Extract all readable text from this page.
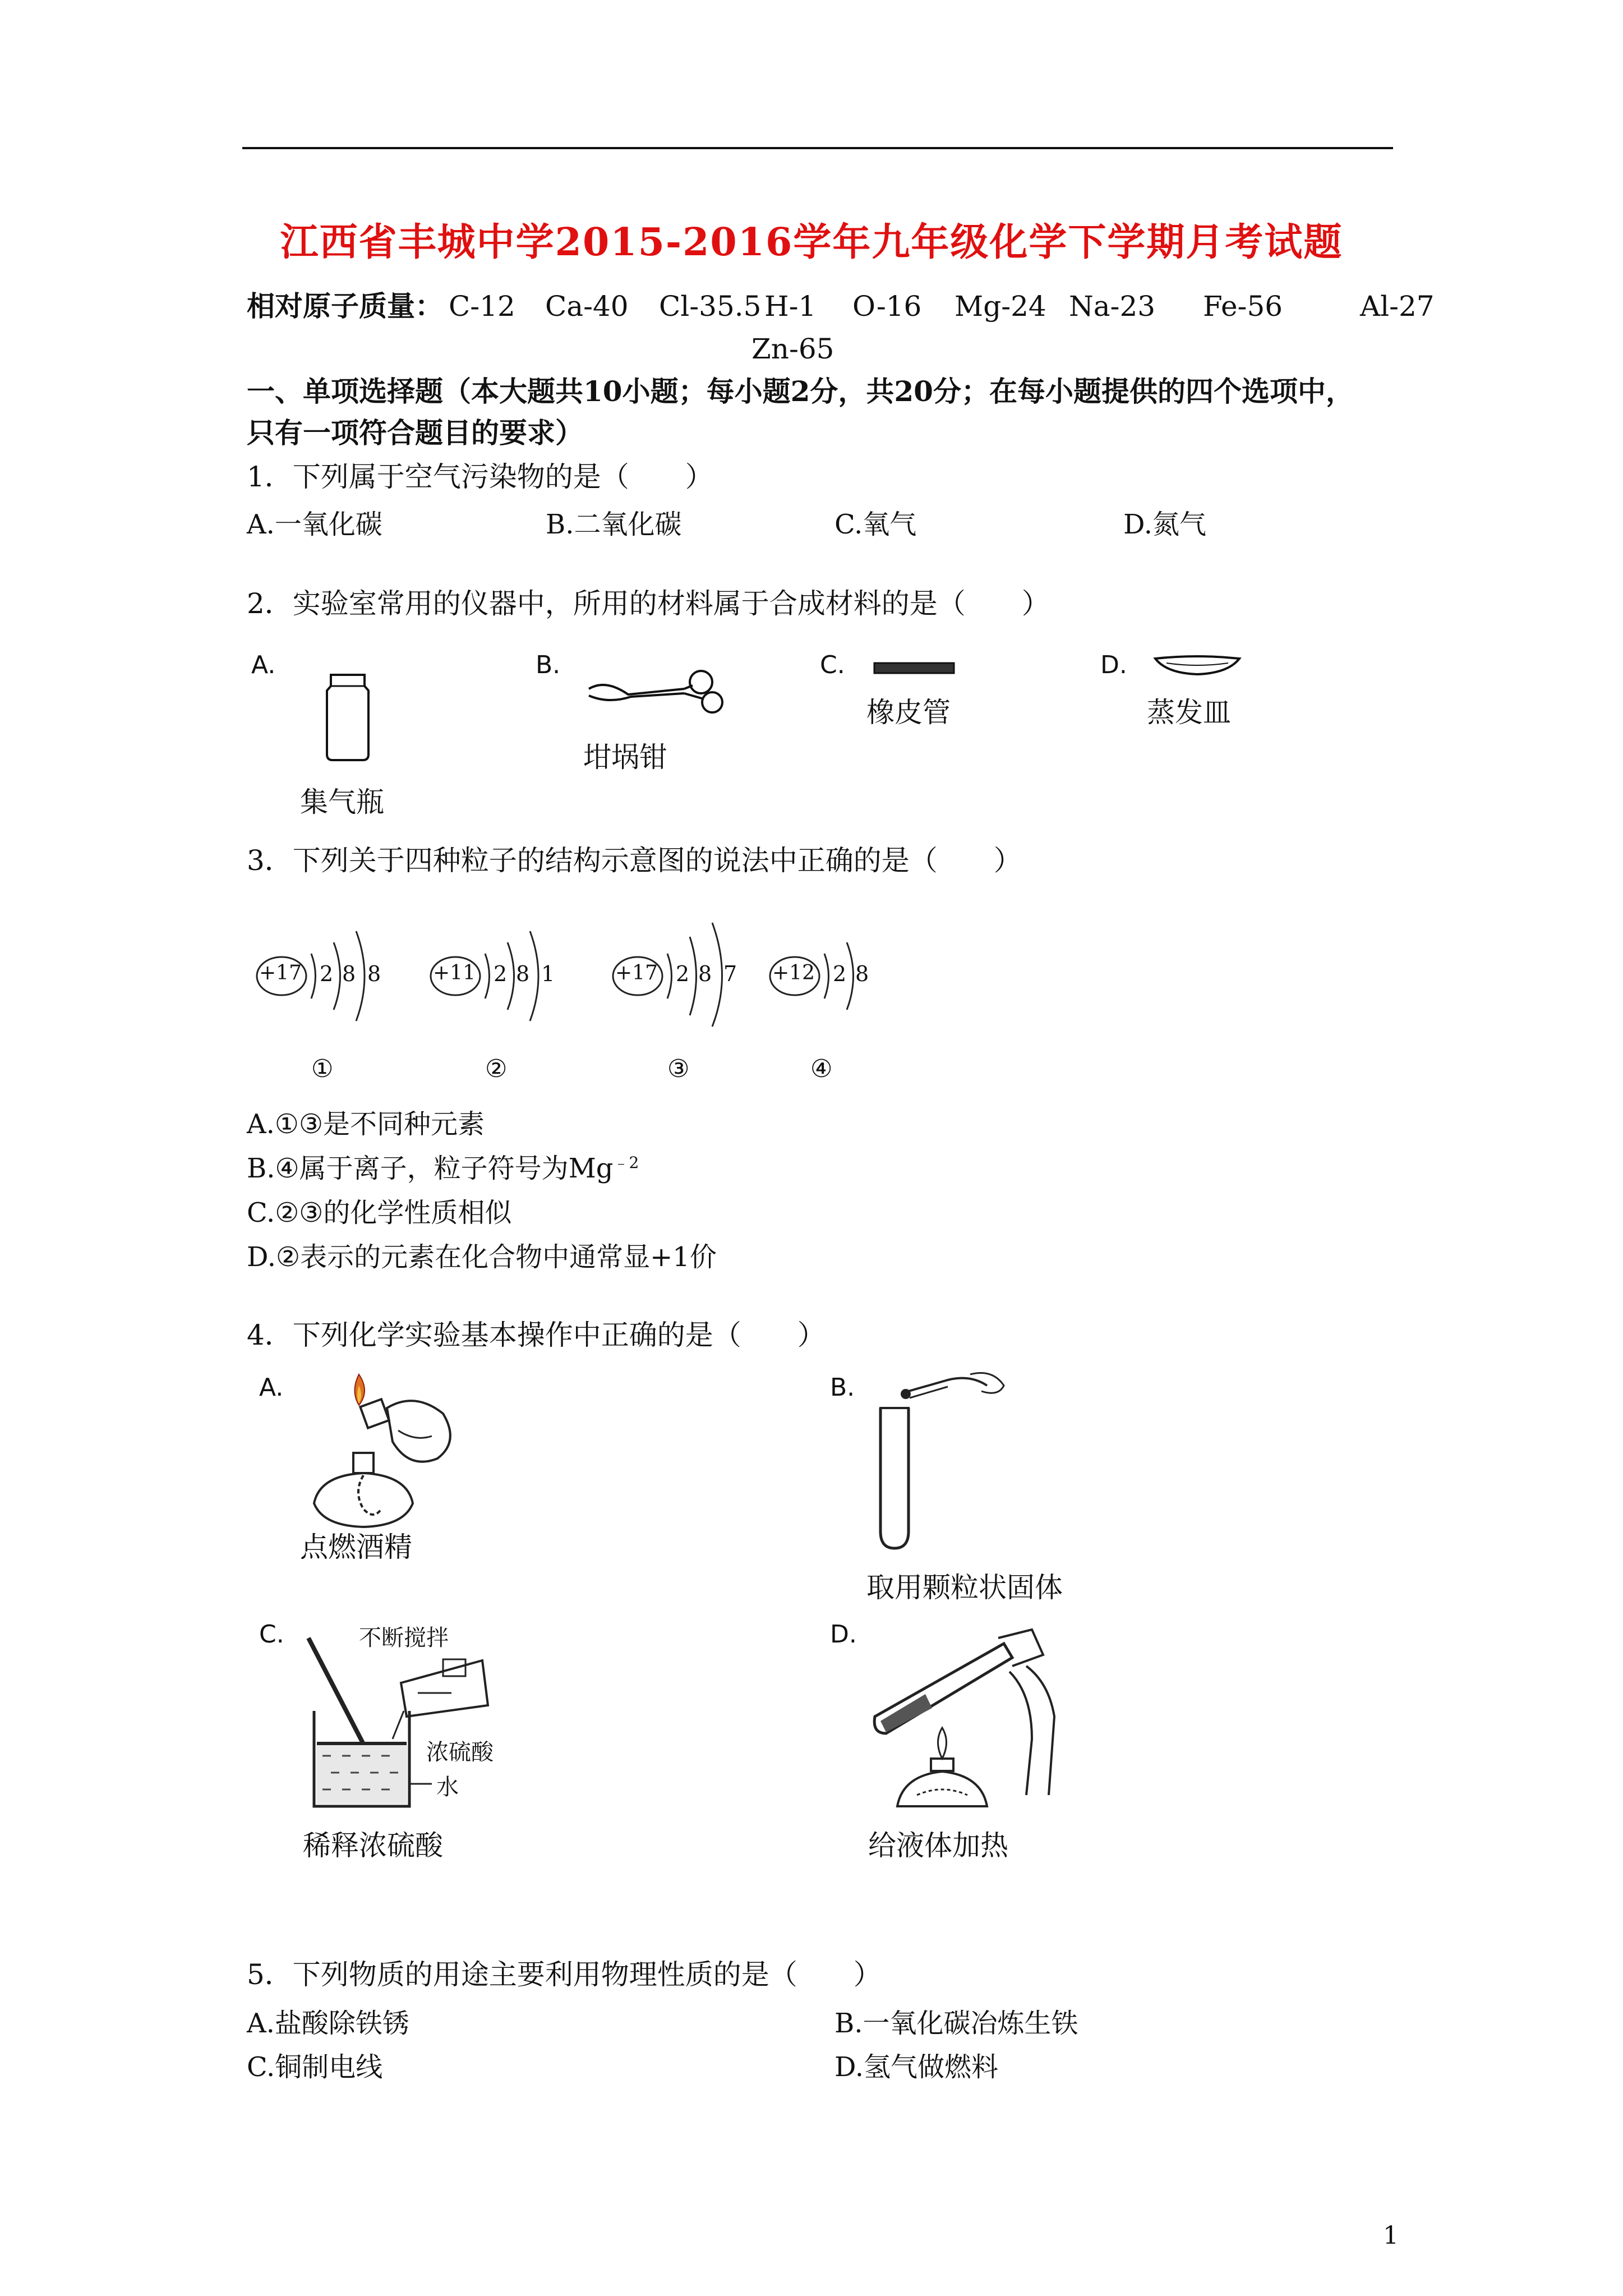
江西省丰城中学2015-2016学年九年级化学下学期月考试题
相对原子质量： C-12 Ca-40 Cl-35.5 H-1 O-16 Mg-24 Na-23 Fe-56	Al-27
Zn-65
一、单项选择题（本大题共10小题；每小题2分，共20分；在每小题提供的四个选项中，
只有一项符合题目的要求）
1．下列属于空气污染物的是（　　）
A.一氧化碳	B.二氧化碳	C.氧气	D.氮气
2．实验室常用的仪器中，所用的材料属于合成材料的是（　　）
A.	B.	C.	D.
橡皮管	蒸发皿
坩埚钳
集气瓶
3．下列关于四种粒子的结构示意图的说法中正确的是（　　）
+17 2 8 8
①
+11 2 8 1
②
+17 2 8 7
③
+12 2 8
④
A.①③是不同种元素
B.④属于离子，粒子符号为$Mg^{﹣2}$
C.②③的化学性质相似
D.②表示的元素在化合物中通常显+1价
4．下列化学实验基本操作中正确的是（　　）
A.	B.
点燃酒精
取用颗粒状固体
C.	D.
不断搅拌
浓硫酸
水
稀释浓硫酸	给液体加热
5．下列物质的用途主要利用物理性质的是（　　）
A.盐酸除铁锈	B.一氧化碳冶炼生铁
C.铜制电线	D.氢气做燃料
1
